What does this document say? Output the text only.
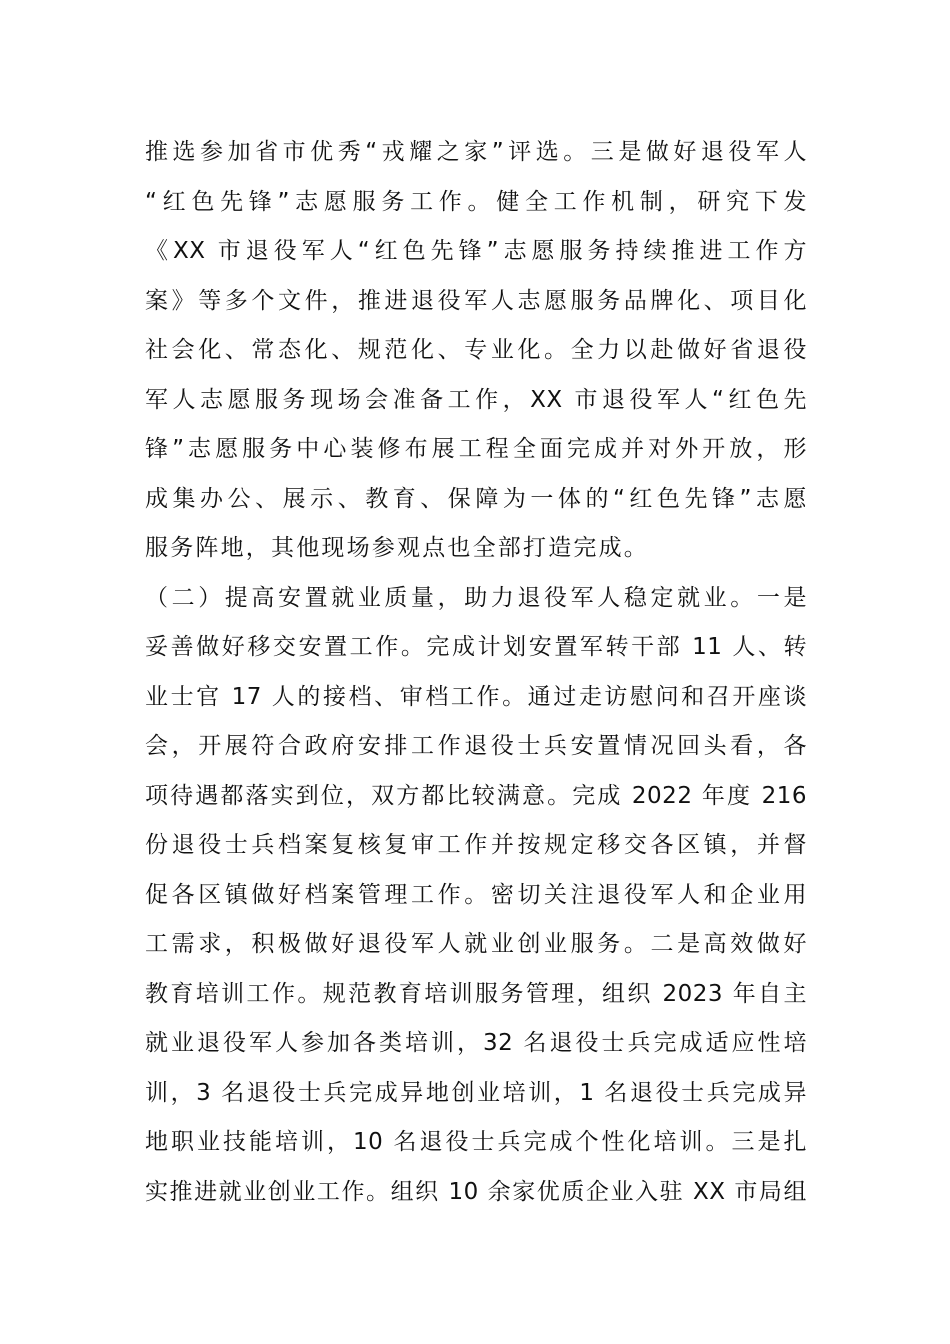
推选参加省市优秀“戎耀之家”评选。三是做好退役军人
“红色先锋”志愿服务工作。健全工作机制，研究下发
《XX 市退役军人“红色先锋”志愿服务持续推进工作方
案》等多个文件，推进退役军人志愿服务品牌化、项目化
社会化、常态化、规范化、专业化。全力以赴做好省退役
军人志愿服务现场会准备工作，XX 市退役军人“红色先
锋”志愿服务中心装修布展工程全面完成并对外开放，形
成集办公、展示、教育、保障为一体的“红色先锋”志愿
服务阵地，其他现场参观点也全部打造完成。
（二）提高安置就业质量，助力退役军人稳定就业。一是
妥善做好移交安置工作。完成计划安置军转干部 11 人、转
业士官 17 人的接档、审档工作。通过走访慰问和召开座谈
会，开展符合政府安排工作退役士兵安置情况回头看，各
项待遇都落实到位，双方都比较满意。完成 2022 年度 216
份退役士兵档案复核复审工作并按规定移交各区镇，并督
促各区镇做好档案管理工作。密切关注退役军人和企业用
工需求，积极做好退役军人就业创业服务。二是高效做好
教育培训工作。规范教育培训服务管理，组织 2023 年自主
就业退役军人参加各类培训，32 名退役士兵完成适应性培
训，3 名退役士兵完成异地创业培训，1 名退役士兵完成异
地职业技能培训，10 名退役士兵完成个性化培训。三是扎
实推进就业创业工作。组织 10 余家优质企业入驻 XX 市局组
